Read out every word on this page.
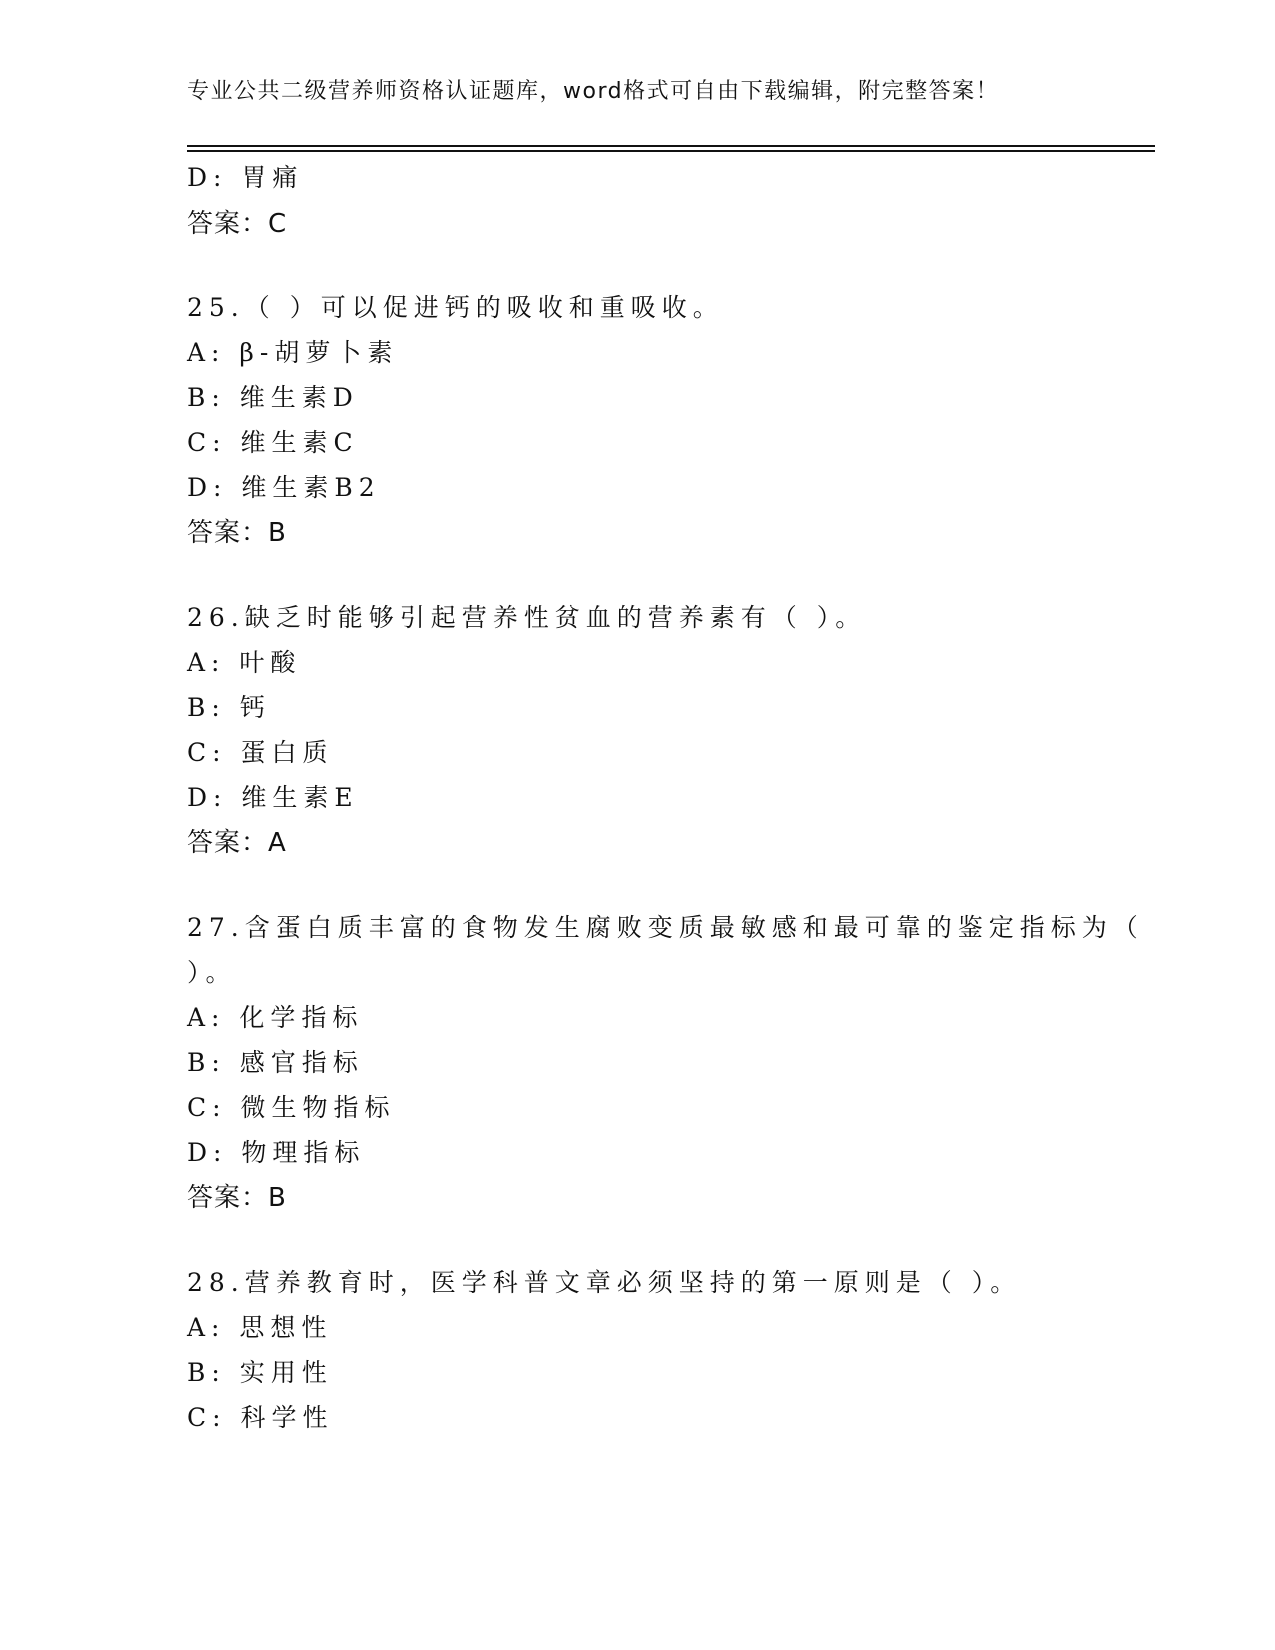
专业公共二级营养师资格认证题库，word格式可自由下载编辑，附完整答案！
D: 胃痛
答案：C
25.（ ）可以促进钙的吸收和重吸收。
A: β-胡萝卜素
B: 维生素D
C: 维生素C
D: 维生素B2
答案：B
26.缺乏时能够引起营养性贫血的营养素有（ ）。
A: 叶酸
B: 钙
C: 蛋白质
D: 维生素E
答案：A
27.含蛋白质丰富的食物发生腐败变质最敏感和最可靠的鉴定指标为（
）。
A: 化学指标
B: 感官指标
C: 微生物指标
D: 物理指标
答案：B
28.营养教育时，医学科普文章必须坚持的第一原则是（ ）。
A: 思想性
B: 实用性
C: 科学性
